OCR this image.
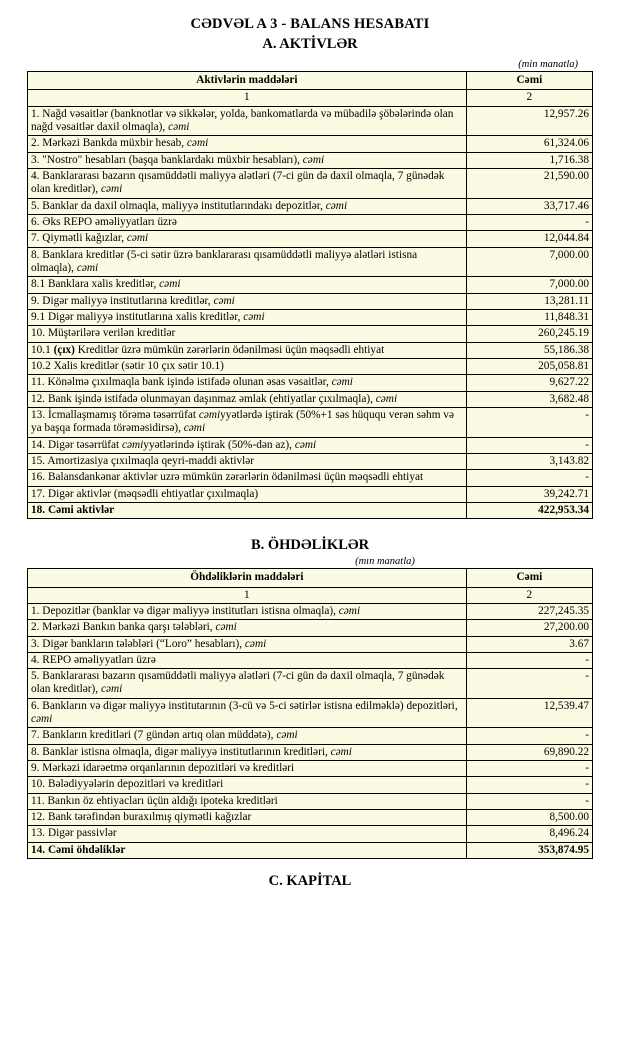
CƏDVƏL A 3 - BALANS HESABATI
A. AKTİVLƏR
(min manatla)
Aktivlərin maddələri	Cəmi
1	2
1. Nağd vəsaitlər (banknotlar və sikkələr, yolda, bankomatlarda və mübadilə şöbələrində olan nağd vəsaitlər daxil olmaqla), cəmi	12,957.26
2. Mərkəzi Bankda müxbir hesab, cəmi	61,324.06
3. "Nostro" hesabları (başqa banklardakı müxbir hesabları), cəmi	1,716.38
4. Banklararası bazarın qısamüddətli maliyyə alətləri (7-ci gün də daxil olmaqla, 7 günədək olan kreditlər), cəmi	21,590.00
5. Banklar da daxil olmaqla, maliyyə institutlarındakı depozitlər, cəmi	33,717.46
6. Əks REPO əməliyyatları üzrə	-
7. Qiymətli kağızlar, cəmi	12,044.84
8. Banklara kreditlər (5-ci sətir üzrə banklararası qısamüddətli maliyyə alətləri istisna olmaqla), cəmi	7,000.00
8.1 Banklara xalis kreditlər, cəmi	7,000.00
9. Digər maliyyə institutlarına kreditlər, cəmi	13,281.11
9.1 Digər maliyyə institutlarına xalis kreditlər, cəmi	11,848.31
10. Müştərilərə verilən kreditlər	260,245.19
10.1 (çıx) Kreditlər üzrə mümkün zərərlərin ödənilməsi üçün məqsədli ehtiyat	55,186.38
10.2 Xalis kreditlər (sətir 10 çıx sətir 10.1)	205,058.81
11. Könəlmə çıxılmaqla bank işində istifadə olunan əsas vəsaitlər, cəmi	9,627.22
12. Bank işində istifadə olunmayan daşınmaz əmlak (ehtiyatlar çıxılmaqla), cəmi	3,682.48
13. İcmallaşmamış törəmə təsərrüfat cəmiyyətlərdə iştirak (50%+1 səs hüququ verən səhm və ya başqa formada törəməsidirsə), cəmi	-
14. Digər təsərrüfat cəmiyyətlərində iştirak (50%-dən az), cəmi	-
15. Amortizasiya çıxılmaqla qeyri-maddi aktivlər	3,143.82
16. Balansdankənar aktivlər uzrə mümkün zərərlərin ödənilməsi üçün məqsədli ehtiyat	-
17. Digər aktivlər (məqsədli ehtiyatlar çıxılmaqla)	39,242.71
18. Cəmi aktivlər	422,953.34
B. ÖHDƏLİKLƏR
(mın manatla)
Öhdəliklərin maddələri	Cəmi
1	2
1. Depozitlər (banklar və digər maliyyə institutları istisna olmaqla), cəmi	227,245.35
2. Mərkəzi Bankın banka qarşı tələbləri, cəmi	27,200.00
3. Digər bankların tələbləri (“Loro” hesabları), cəmi	3.67
4. REPO əməliyyatları üzrə	-
5. Banklararası bazarın qısamüddətli maliyyə alətləri (7-ci gün də daxil olmaqla, 7 günədək olan kreditlər), cəmi	-
6. Bankların və digər maliyyə institutarının (3-cü və 5-ci sətirlər istisna edilməklə) depozitləri, cəmi	12,539.47
7. Bankların kreditləri (7 gündən artıq olan müddətə), cəmi	-
8. Banklar istisna olmaqla, digər maliyyə institutlarının kreditləri, cəmi	69,890.22
9. Mərkəzi idarəetmə orqanlarının depozitləri və kreditləri	-
10. Bələdiyyələrin depozitləri və kreditləri	-
11. Bankın öz ehtiyacları üçün aldığı ipoteka kreditləri	-
12. Bank tərəfindən buraxılmış qiymətli kağızlar	8,500.00
13. Digər passivlər	8,496.24
14. Cəmi öhdəliklər	353,874.95
C. KAPİTAL
